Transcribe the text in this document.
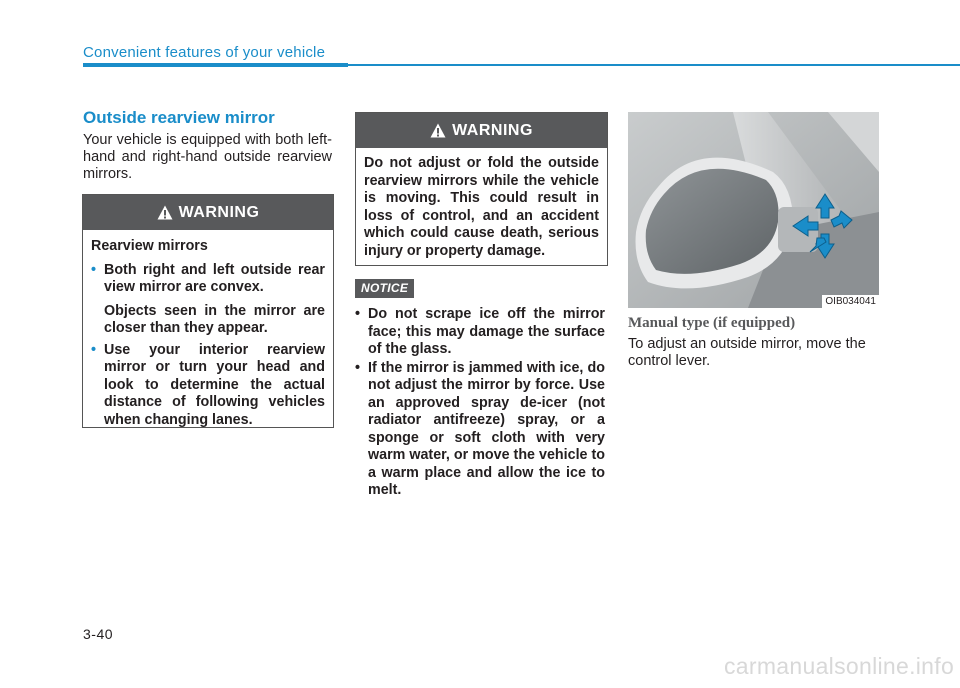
Convenient features of your vehicle
Outside rearview mirror
Your vehicle is equipped with both left-hand and right-hand outside rearview mirrors.
WARNING
Rearview mirrors
• Both right and left outside rear view mirror are convex.
Objects seen in the mirror are closer than they appear.
• Use your interior rearview mirror or turn your head and look to determine the actual distance of following vehicles when changing lanes.
WARNING
Do not adjust or fold the outside rearview mirrors while the vehicle is moving. This could result in loss of control, and an accident which could cause death, serious injury or property damage.
NOTICE
• Do not scrape ice off the mirror face; this may damage the surface of the glass.
• If the mirror is jammed with ice, do not adjust the mirror by force. Use an approved spray de-icer (not radiator antifreeze) spray, or a sponge or soft cloth with very warm water, or move the vehicle to a warm place and allow the ice to melt.
OIB034041
Manual type (if equipped)
To adjust an outside mirror, move the control lever.
3-40
carmanualsonline.info
